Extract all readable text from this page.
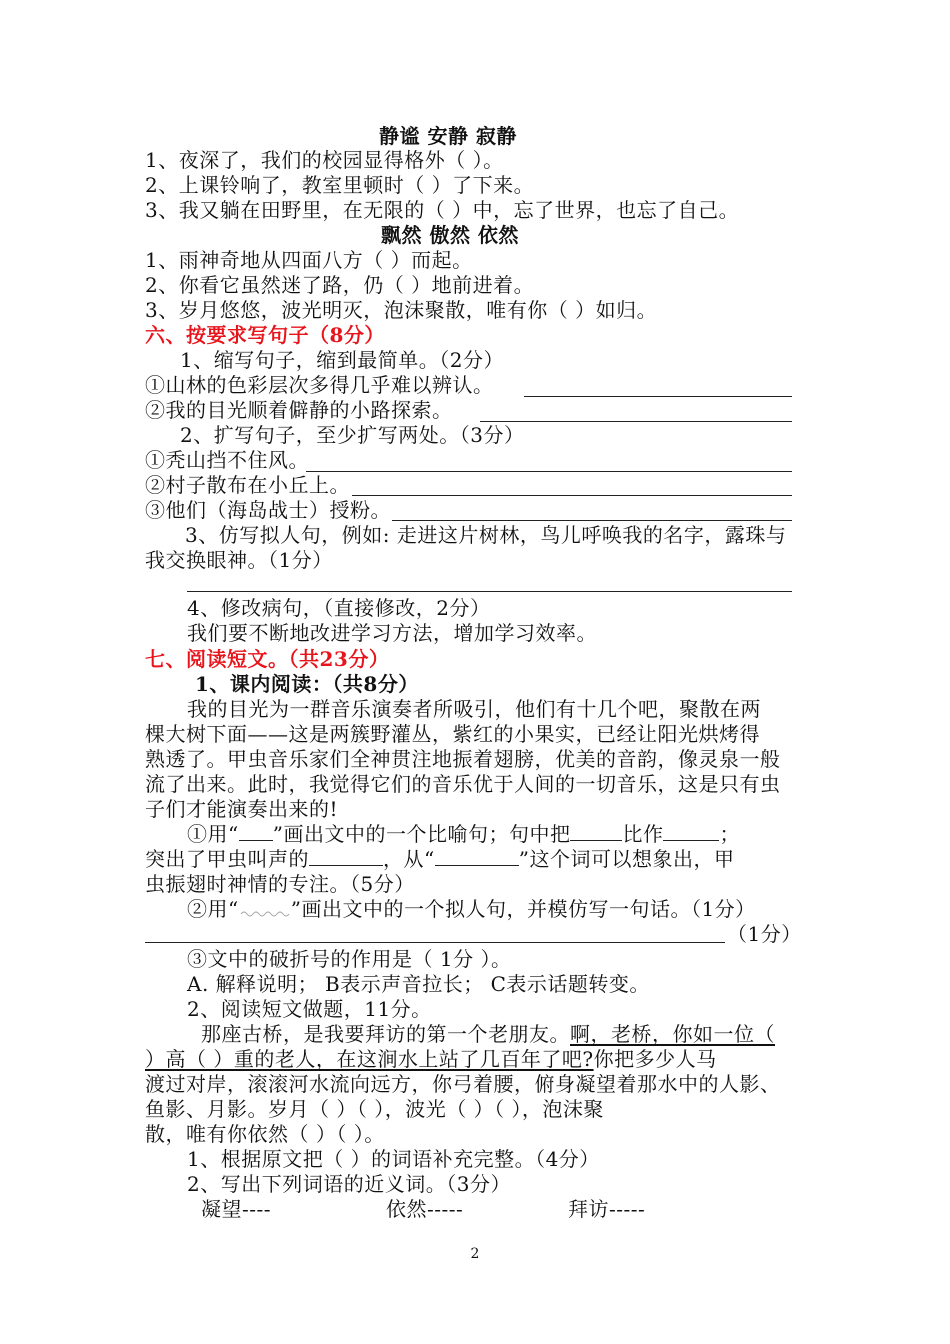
静谧 安静 寂静
1、夜深了，我们的校园显得格外（ ）。
2、上课铃响了，教室里顿时（ ）了下来。
3、我又躺在田野里，在无限的（ ）中，忘了世界，也忘了自己。
飘然 傲然 依然
1、雨神奇地从四面八方（ ）而起。
2、你看它虽然迷了路，仍（ ）地前进着。
3、岁月悠悠，波光明灭，泡沫聚散，唯有你（ ）如归。
六、按要求写句子（8分）
1、缩写句子，缩到最简单。（2分）
①山林的色彩层次多得几乎难以辨认。
②我的目光顺着僻静的小路探索。
2、扩写句子，至少扩写两处。（3分）
①秃山挡不住风。
②村子散布在小丘上。
③他们（海岛战士）授粉。
3、仿写拟人句，例如: 走进这片树林，鸟儿呼唤我的名字，露珠与
我交换眼神。（1分）
4、修改病句，（直接修改，2分）
我们要不断地改进学习方法，增加学习效率。
七、阅读短文。（共23分）
1、课内阅读：（共8分）
我的目光为一群音乐演奏者所吸引，他们有十几个吧，聚散在两
棵大树下面——这是两簇野灌丛，紫红的小果实，已经让阳光烘烤得
熟透了。甲虫音乐家们全神贯注地振着翅膀，优美的音韵，像灵泉一般
流了出来。此时，我觉得它们的音乐优于人间的一切音乐，这是只有虫
子们才能演奏出来的!
①用“ ”画出文中的一个比喻句；句中把	比作	；
突出了甲虫叫声的	，从“	”这个词可以想象出，甲
虫振翅时神情的专注。（5分）
②用“	”画出文中的一个拟人句，并模仿写一句话。（1分）
（1分）
③文中的破折号的作用是（ 1分 ）。
A. 解释说明； B表示声音拉长； C表示话题转变。
2、阅读短文做题，11分。
那座古桥，是我要拜访的第一个老朋友。啊，老桥，你如一位（
）高（ ）重的老人，在这涧水上站了几百年了吧?你把多少人马
渡过对岸，滚滚河水流向远方，你弓着腰，俯身凝望着那水中的人影、
鱼影、月影。岁月（ ）（ ），波光（ ）（ ），泡沫聚
散，唯有你依然（ ）（ ）。
1、根据原文把（ ）的词语补充完整。（4分）
2、写出下列词语的近义词。（3分）
凝望----	依然-----	拜访-----
2
